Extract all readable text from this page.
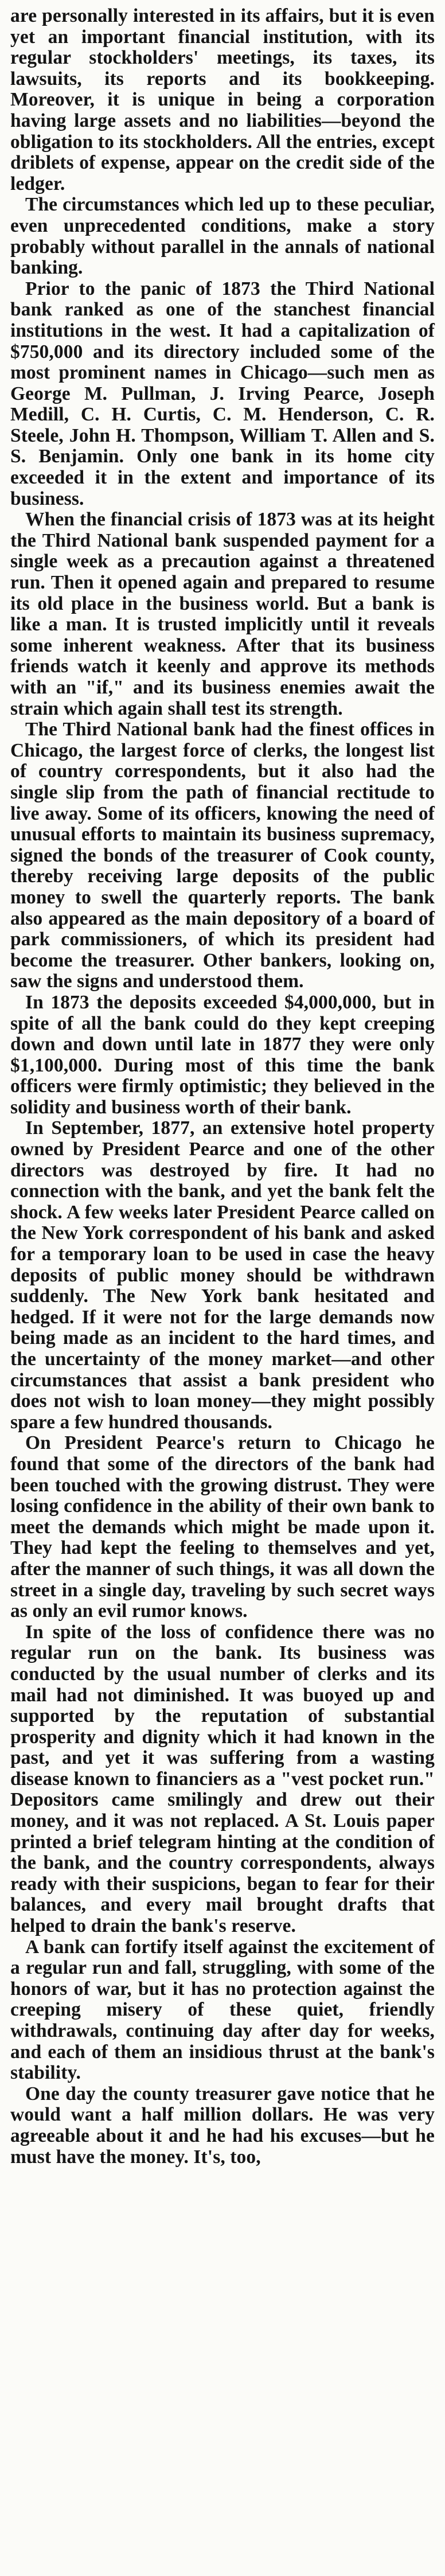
are personally interested in its affairs, but it is even yet an important financial institution, with its regular stockholders' meetings, its taxes, its lawsuits, its reports and its bookkeeping. Moreover, it is unique in being a corporation having large assets and no liabilities—beyond the obligation to its stockholders. All the entries, except driblets of expense, appear on the credit side of the ledger.

The circumstances which led up to these peculiar, even unprecedented conditions, make a story probably without parallel in the annals of national banking.

Prior to the panic of 1873 the Third National bank ranked as one of the stanchest financial institutions in the west. It had a capitalization of $750,000 and its directory included some of the most prominent names in Chicago—such men as George M. Pullman, J. Irving Pearce, Joseph Medill, C. H. Curtis, C. M. Henderson, C. R. Steele, John H. Thompson, William T. Allen and S. S. Benjamin. Only one bank in its home city exceeded it in the extent and importance of its business.

When the financial crisis of 1873 was at its height the Third National bank suspended payment for a single week as a precaution against a threatened run. Then it opened again and prepared to resume its old place in the business world. But a bank is like a man. It is trusted implicitly until it reveals some inherent weakness. After that its business friends watch it keenly and approve its methods with an "if," and its business enemies await the strain which again shall test its strength.

The Third National bank had the finest offices in Chicago, the largest force of clerks, the longest list of country correspondents, but it also had the single slip from the path of financial rectitude to live away. Some of its officers, knowing the need of unusual efforts to maintain its business supremacy, signed the bonds of the treasurer of Cook county, thereby receiving large deposits of the public money to swell the quarterly reports. The bank also appeared as the main depository of a board of park commissioners, of which its president had become the treasurer. Other bankers, looking on, saw the signs and understood them.

In 1873 the deposits exceeded $4,000,000, but in spite of all the bank could do they kept creeping down and down until late in 1877 they were only $1,100,000. During most of this time the bank officers were firmly optimistic; they believed in the solidity and business worth of their bank.

In September, 1877, an extensive hotel property owned by President Pearce and one of the other directors was destroyed by fire. It had no connection with the bank, and yet the bank felt the shock. A few weeks later President Pearce called on the New York correspondent of his bank and asked for a temporary loan to be used in case the heavy deposits of public money should be withdrawn suddenly. The New York bank hesitated and hedged. If it were not for the large demands now being made as an incident to the hard times, and the uncertainty of the money market—and other circumstances that assist a bank president who does not wish to loan money—they might possibly spare a few hundred thousands.

On President Pearce's return to Chicago he found that some of the directors of the bank had been touched with the growing distrust. They were losing confidence in the ability of their own bank to meet the demands which might be made upon it. They had kept the feeling to themselves and yet, after the manner of such things, it was all down the street in a single day, traveling by such secret ways as only an evil rumor knows.

In spite of the loss of confidence there was no regular run on the bank. Its business was conducted by the usual number of clerks and its mail had not diminished. It was buoyed up and supported by the reputation of substantial prosperity and dignity which it had known in the past, and yet it was suffering from a wasting disease known to financiers as a "vest pocket run." Depositors came smilingly and drew out their money, and it was not replaced. A St. Louis paper printed a brief telegram hinting at the condition of the bank, and the country correspondents, always ready with their suspicions, began to fear for their balances, and every mail brought drafts that helped to drain the bank's reserve.

A bank can fortify itself against the excitement of a regular run and fall, struggling, with some of the honors of war, but it has no protection against the creeping misery of these quiet, friendly withdrawals, continuing day after day for weeks, and each of them an insidious thrust at the bank's stability.

One day the county treasurer gave notice that he would want a half million dollars. He was very agreeable about it and he had his excuses—but he must have the money. It's, too,
